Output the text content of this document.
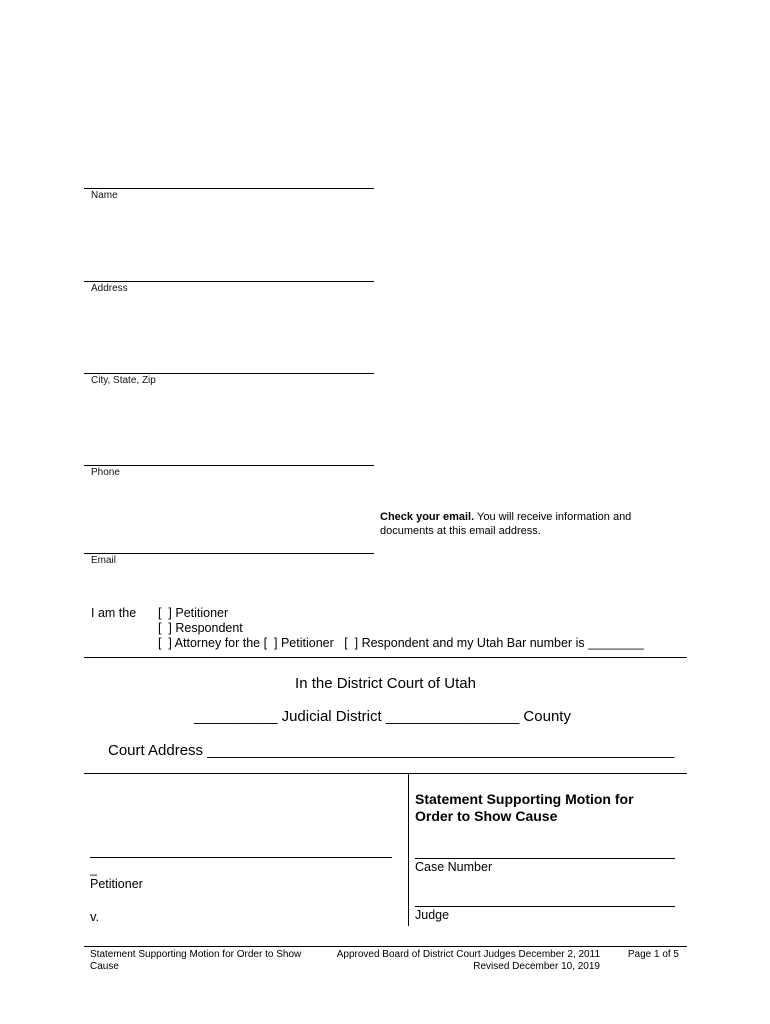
Name
Address
City, State, Zip
Phone
Check your email. You will receive information and documents at this email address.
Email
I am the [  ] Petitioner
[  ] Respondent
[  ] Attorney for the [  ] Petitioner   [  ] Respondent and my Utah Bar number is ________
In the District Court of Utah
__________ Judicial District ________________ County
Court Address ________________________________________________________
_
Petitioner
v.
Statement Supporting Motion for Order to Show Cause
Case Number
Judge
Statement Supporting Motion for Order to Show Cause
Approved Board of District Court Judges December 2, 2011
Revised December 10, 2019
Page 1 of 5
